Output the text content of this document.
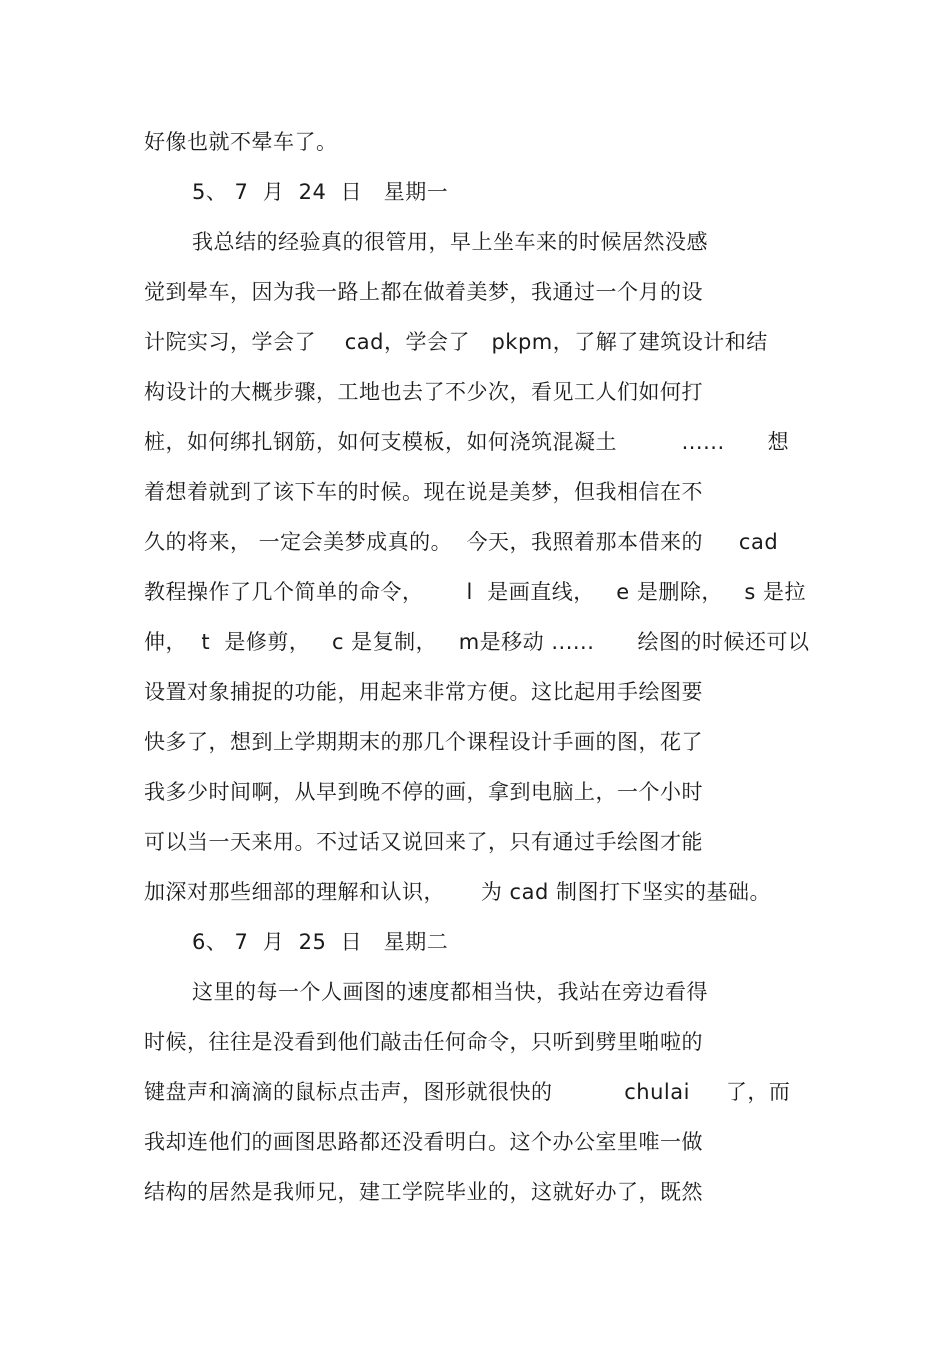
好像也就不晕车了。
5、 7  月  24  日   星期一
我总结的经验真的很管用，早上坐车来的时候居然没感
觉到晕车，因为我一路上都在做着美梦，我通过一个月的设
计院实习，学会了    cad，学会了   pkpm，了解了建筑设计和结
构设计的大概步骤，工地也去了不少次，看见工人们如何打
桩，如何绑扎钢筋，如何支模板，如何浇筑混凝土         ......      想
着想着就到了该下车的时候。现在说是美梦，但我相信在不
久的将来， 一定会美梦成真的。  今天，我照着那本借来的     cad
教程操作了几个简单的命令，      l  是画直线，   e 是删除，   s 是拉
伸，  t  是修剪，   c 是复制，   m是移动 ......      绘图的时候还可以
设置对象捕捉的功能，用起来非常方便。这比起用手绘图要
快多了，想到上学期期末的那几个课程设计手画的图，花了
我多少时间啊，从早到晚不停的画，拿到电脑上，一个小时
可以当一天来用。不过话又说回来了，只有通过手绘图才能
加深对那些细部的理解和认识，     为 cad 制图打下坚实的基础。
6、 7  月  25  日   星期二
这里的每一个人画图的速度都相当快，我站在旁边看得
时候，往往是没看到他们敲击任何命令，只听到劈里啪啦的
键盘声和滴滴的鼠标点击声，图形就很快的          chulai     了，而
我却连他们的画图思路都还没看明白。这个办公室里唯一做
结构的居然是我师兄，建工学院毕业的，这就好办了，既然
